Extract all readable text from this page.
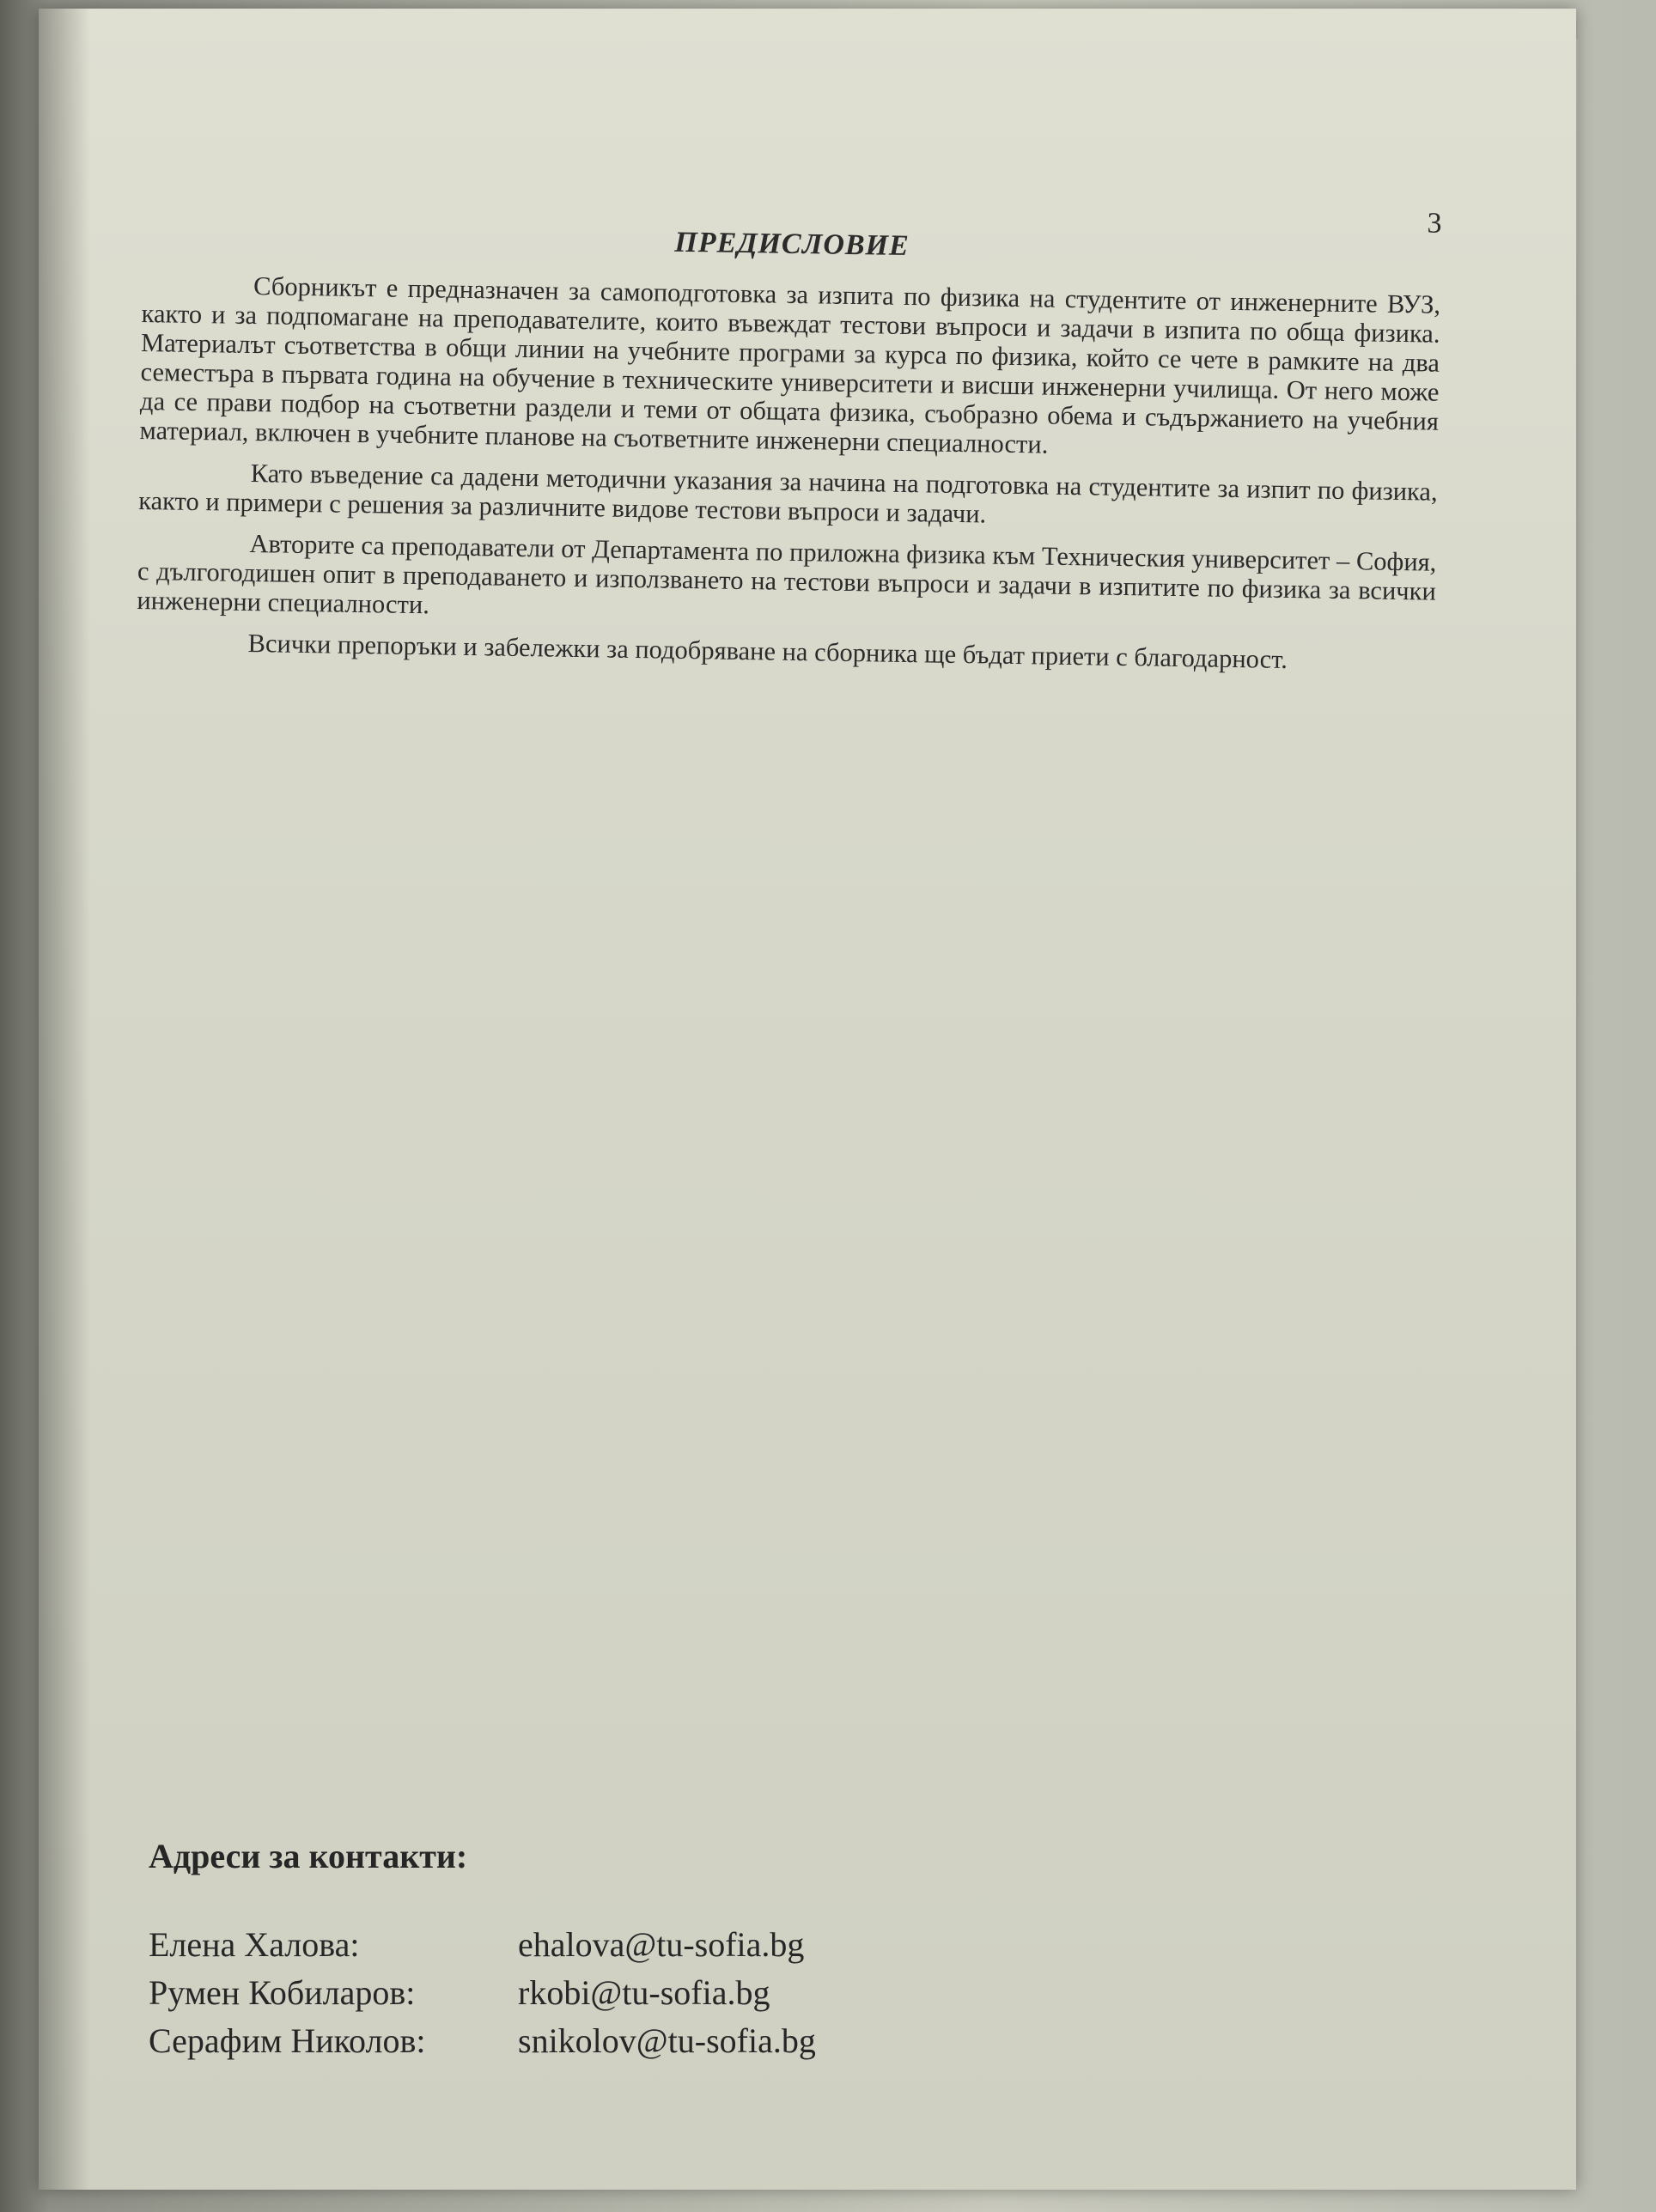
3
ПРЕДИСЛОВИЕ

Сборникът е предназначен за самоподготовка за изпита по физика на студентите от инженерните ВУЗ, както и за подпомагане на преподавателите, които въвеждат тестови въпроси и задачи в изпита по обща физика. Материалът съответства в общи линии на учебните програми за курса по физика, който се чете в рамките на два семестъра в първата година на обучение в техническите университети и висши инженерни училища. От него може да се прави подбор на съответни раздели и теми от общата физика, съобразно обема и съдържанието на учебния материал, включен в учебните планове на съответните инженерни специалности.

Като въведение са дадени методични указания за начина на подготовка на студентите за изпит по физика, както и примери с решения за различните видове тестови въпроси и задачи.

Авторите са преподаватели от Департамента по приложна физика към Техническия университет – София, с дългогодишен опит в преподаването и използването на тестови въпроси и задачи в изпитите по физика за всички инженерни специалности.

Всички препоръки и забележки за подобряване на сборника ще бъдат приети с благодарност.

Адреси за контакти:
Елена Халова:	ehalova@tu-sofia.bg
Румен Кобиларов:	rkobi@tu-sofia.bg
Серафим Николов:	snikolov@tu-sofia.bg
